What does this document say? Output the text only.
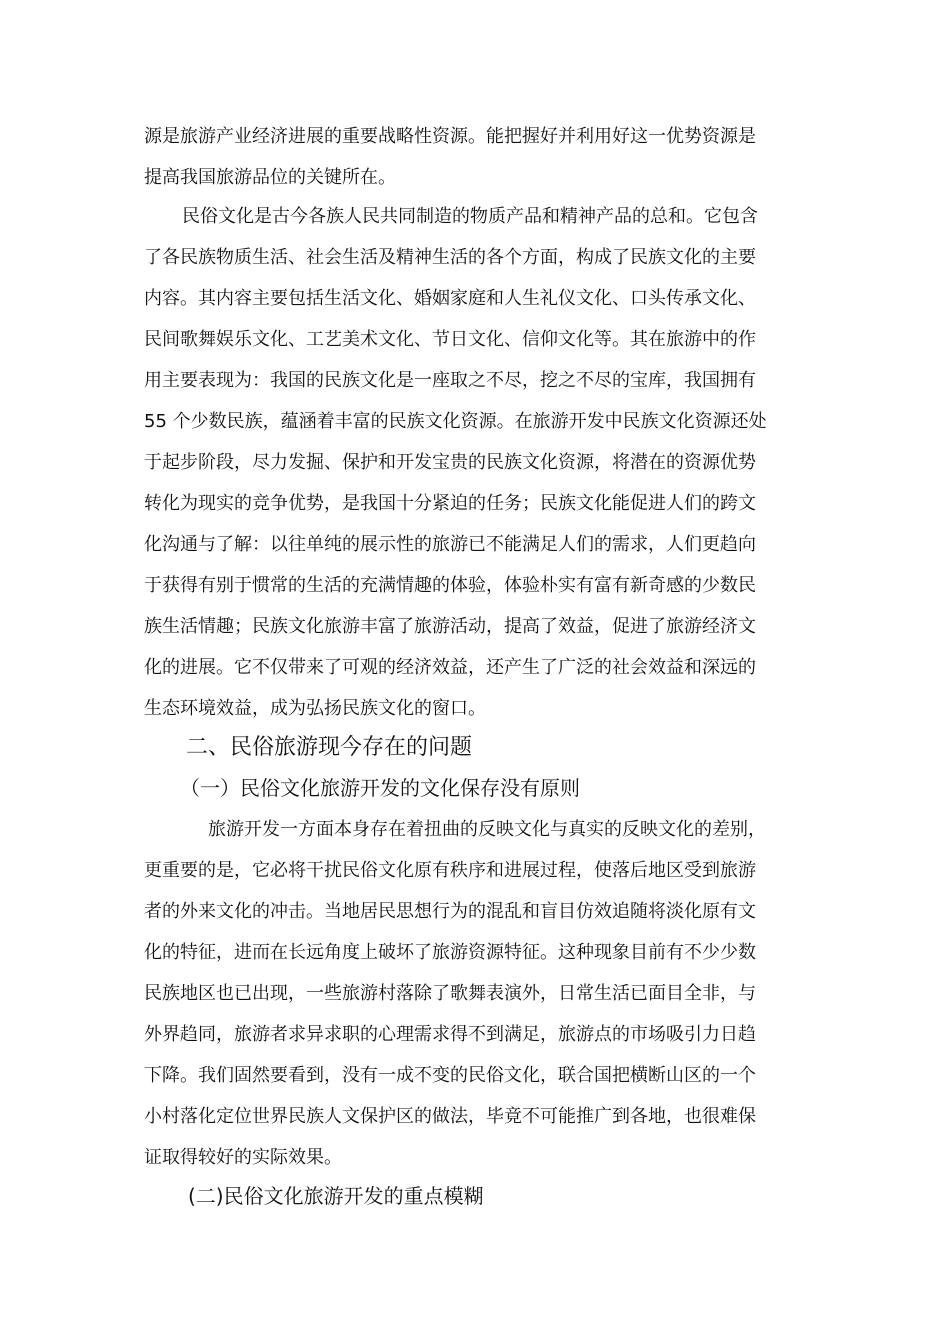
源是旅游产业经济进展的重要战略性资源。能把握好并利用好这一优势资源是
提高我国旅游品位的关键所在。
民俗文化是古今各族人民共同制造的物质产品和精神产品的总和。它包含
了各民族物质生活、社会生活及精神生活的各个方面，构成了民族文化的主要
内容。其内容主要包括生活文化、婚姻家庭和人生礼仪文化、口头传承文化、
民间歌舞娱乐文化、工艺美术文化、节日文化、信仰文化等。其在旅游中的作
用主要表现为：我国的民族文化是一座取之不尽，挖之不尽的宝库，我国拥有
55 个少数民族，蕴涵着丰富的民族文化资源。在旅游开发中民族文化资源还处
于起步阶段，尽力发掘、保护和开发宝贵的民族文化资源，将潜在的资源优势
转化为现实的竞争优势，是我国十分紧迫的任务；民族文化能促进人们的跨文
化沟通与了解：以往单纯的展示性的旅游已不能满足人们的需求，人们更趋向
于获得有别于惯常的生活的充满情趣的体验，体验朴实有富有新奇感的少数民
族生活情趣；民族文化旅游丰富了旅游活动，提高了效益，促进了旅游经济文
化的进展。它不仅带来了可观的经济效益，还产生了广泛的社会效益和深远的
生态环境效益，成为弘扬民族文化的窗口。
二、民俗旅游现今存在的问题
（一）民俗文化旅游开发的文化保存没有原则
旅游开发一方面本身存在着扭曲的反映文化与真实的反映文化的差别，
更重要的是，它必将干扰民俗文化原有秩序和进展过程，使落后地区受到旅游
者的外来文化的冲击。当地居民思想行为的混乱和盲目仿效追随将淡化原有文
化的特征，进而在长远角度上破坏了旅游资源特征。这种现象目前有不少少数
民族地区也已出现，一些旅游村落除了歌舞表演外，日常生活已面目全非，与
外界趋同，旅游者求异求职的心理需求得不到满足，旅游点的市场吸引力日趋
下降。我们固然要看到，没有一成不变的民俗文化，联合国把横断山区的一个
小村落化定位世界民族人文保护区的做法，毕竟不可能推广到各地，也很难保
证取得较好的实际效果。
(二)民俗文化旅游开发的重点模糊
